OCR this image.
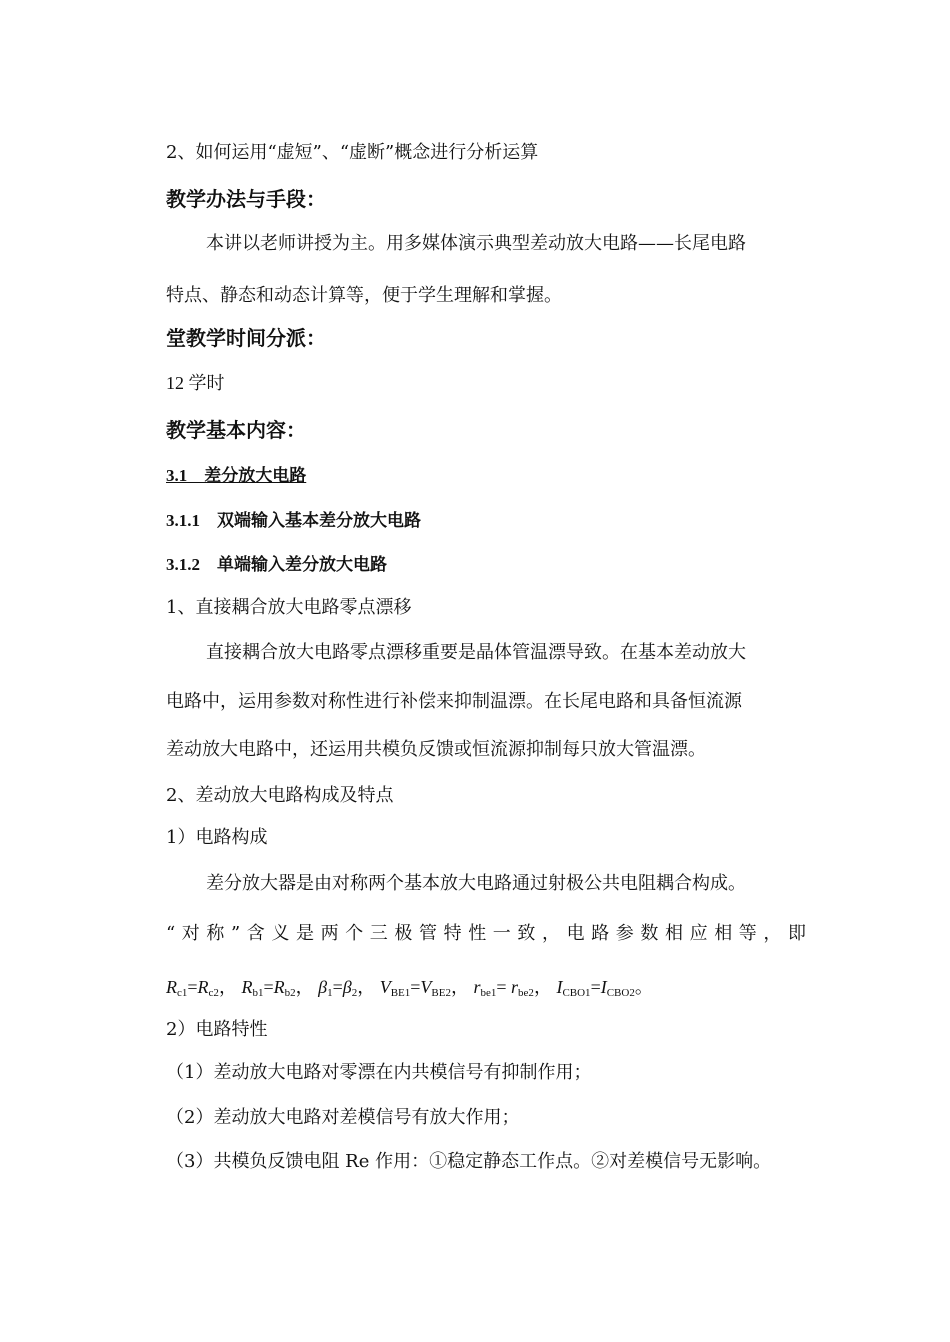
2、如何运用“虚短”、“虚断”概念进行分析运算
教学办法与手段：
本讲以老师讲授为主。用多媒体演示典型差动放大电路——长尾电路
特点、静态和动态计算等，便于学生理解和掌握。
堂教学时间分派：
12 学时
教学基本内容：
3.1　差分放大电路
3.1.1　双端输入基本差分放大电路
3.1.2　单端输入差分放大电路
1、直接耦合放大电路零点漂移
直接耦合放大电路零点漂移重要是晶体管温漂导致。在基本差动放大
电路中，运用参数对称性进行补偿来抑制温漂。在长尾电路和具备恒流源
差动放大电路中，还运用共模负反馈或恒流源抑制每只放大管温漂。
2、差动放大电路构成及特点
1）电路构成
差分放大器是由对称两个基本放大电路通过射极公共电阻耦合构成。
“对称”含义是两个三极管特性一致，电路参数相应相等，即
$R_{c1}=R_{c2}$， $R_{b1}=R_{b2}$， $\beta_1=\beta_2$， $V_{BE1}=V_{BE2}$， $r_{be1}= r_{be2}$， $I_{CBO1}=I_{CBO2}$。
2）电路特性
（1）差动放大电路对零漂在内共模信号有抑制作用；
（2）差动放大电路对差模信号有放大作用；
（3）共模负反馈电阻 Re 作用：①稳定静态工作点。②对差模信号无影响。
